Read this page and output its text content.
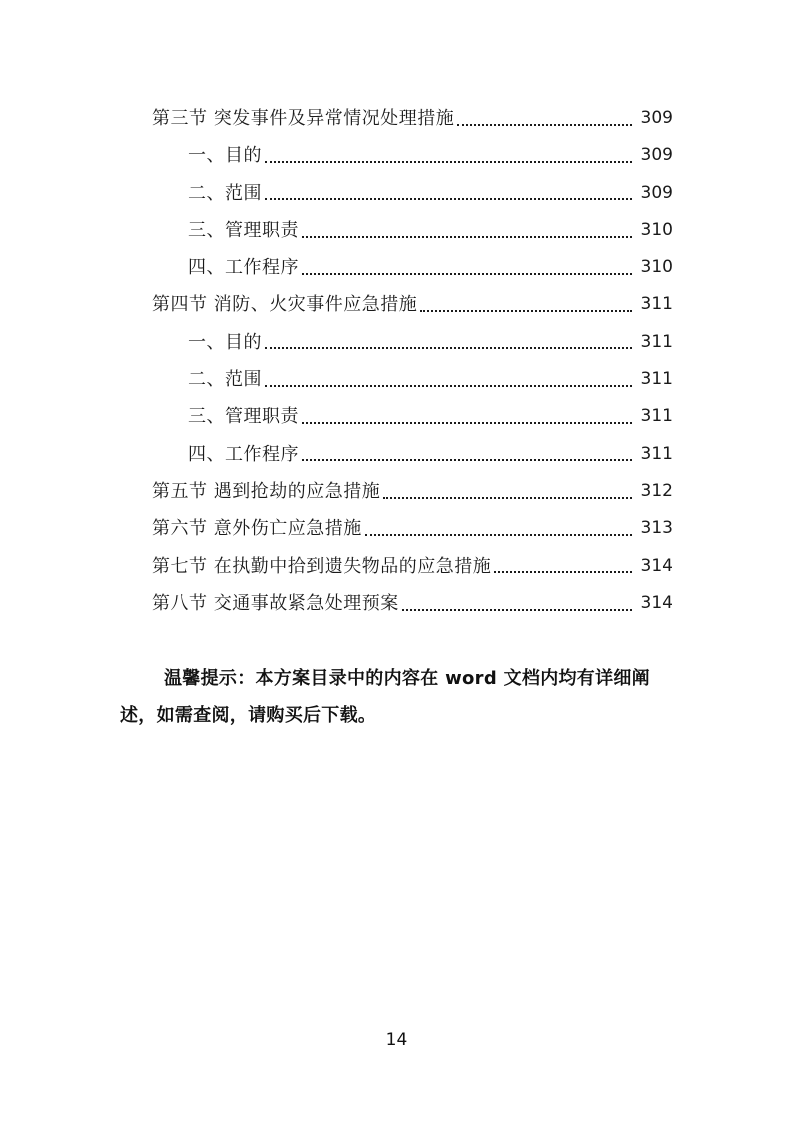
第三节 突发事件及异常情况处理措施	309
一、目的	309
二、范围	309
三、管理职责	310
四、工作程序	310
第四节 消防、火灾事件应急措施	311
一、目的	311
二、范围	311
三、管理职责	311
四、工作程序	311
第五节 遇到抢劫的应急措施	312
第六节 意外伤亡应急措施	313
第七节 在执勤中拾到遗失物品的应急措施	314
第八节 交通事故紧急处理预案	314
温馨提示：本方案目录中的内容在 word 文档内均有详细阐述，如需查阅，请购买后下载。
14
